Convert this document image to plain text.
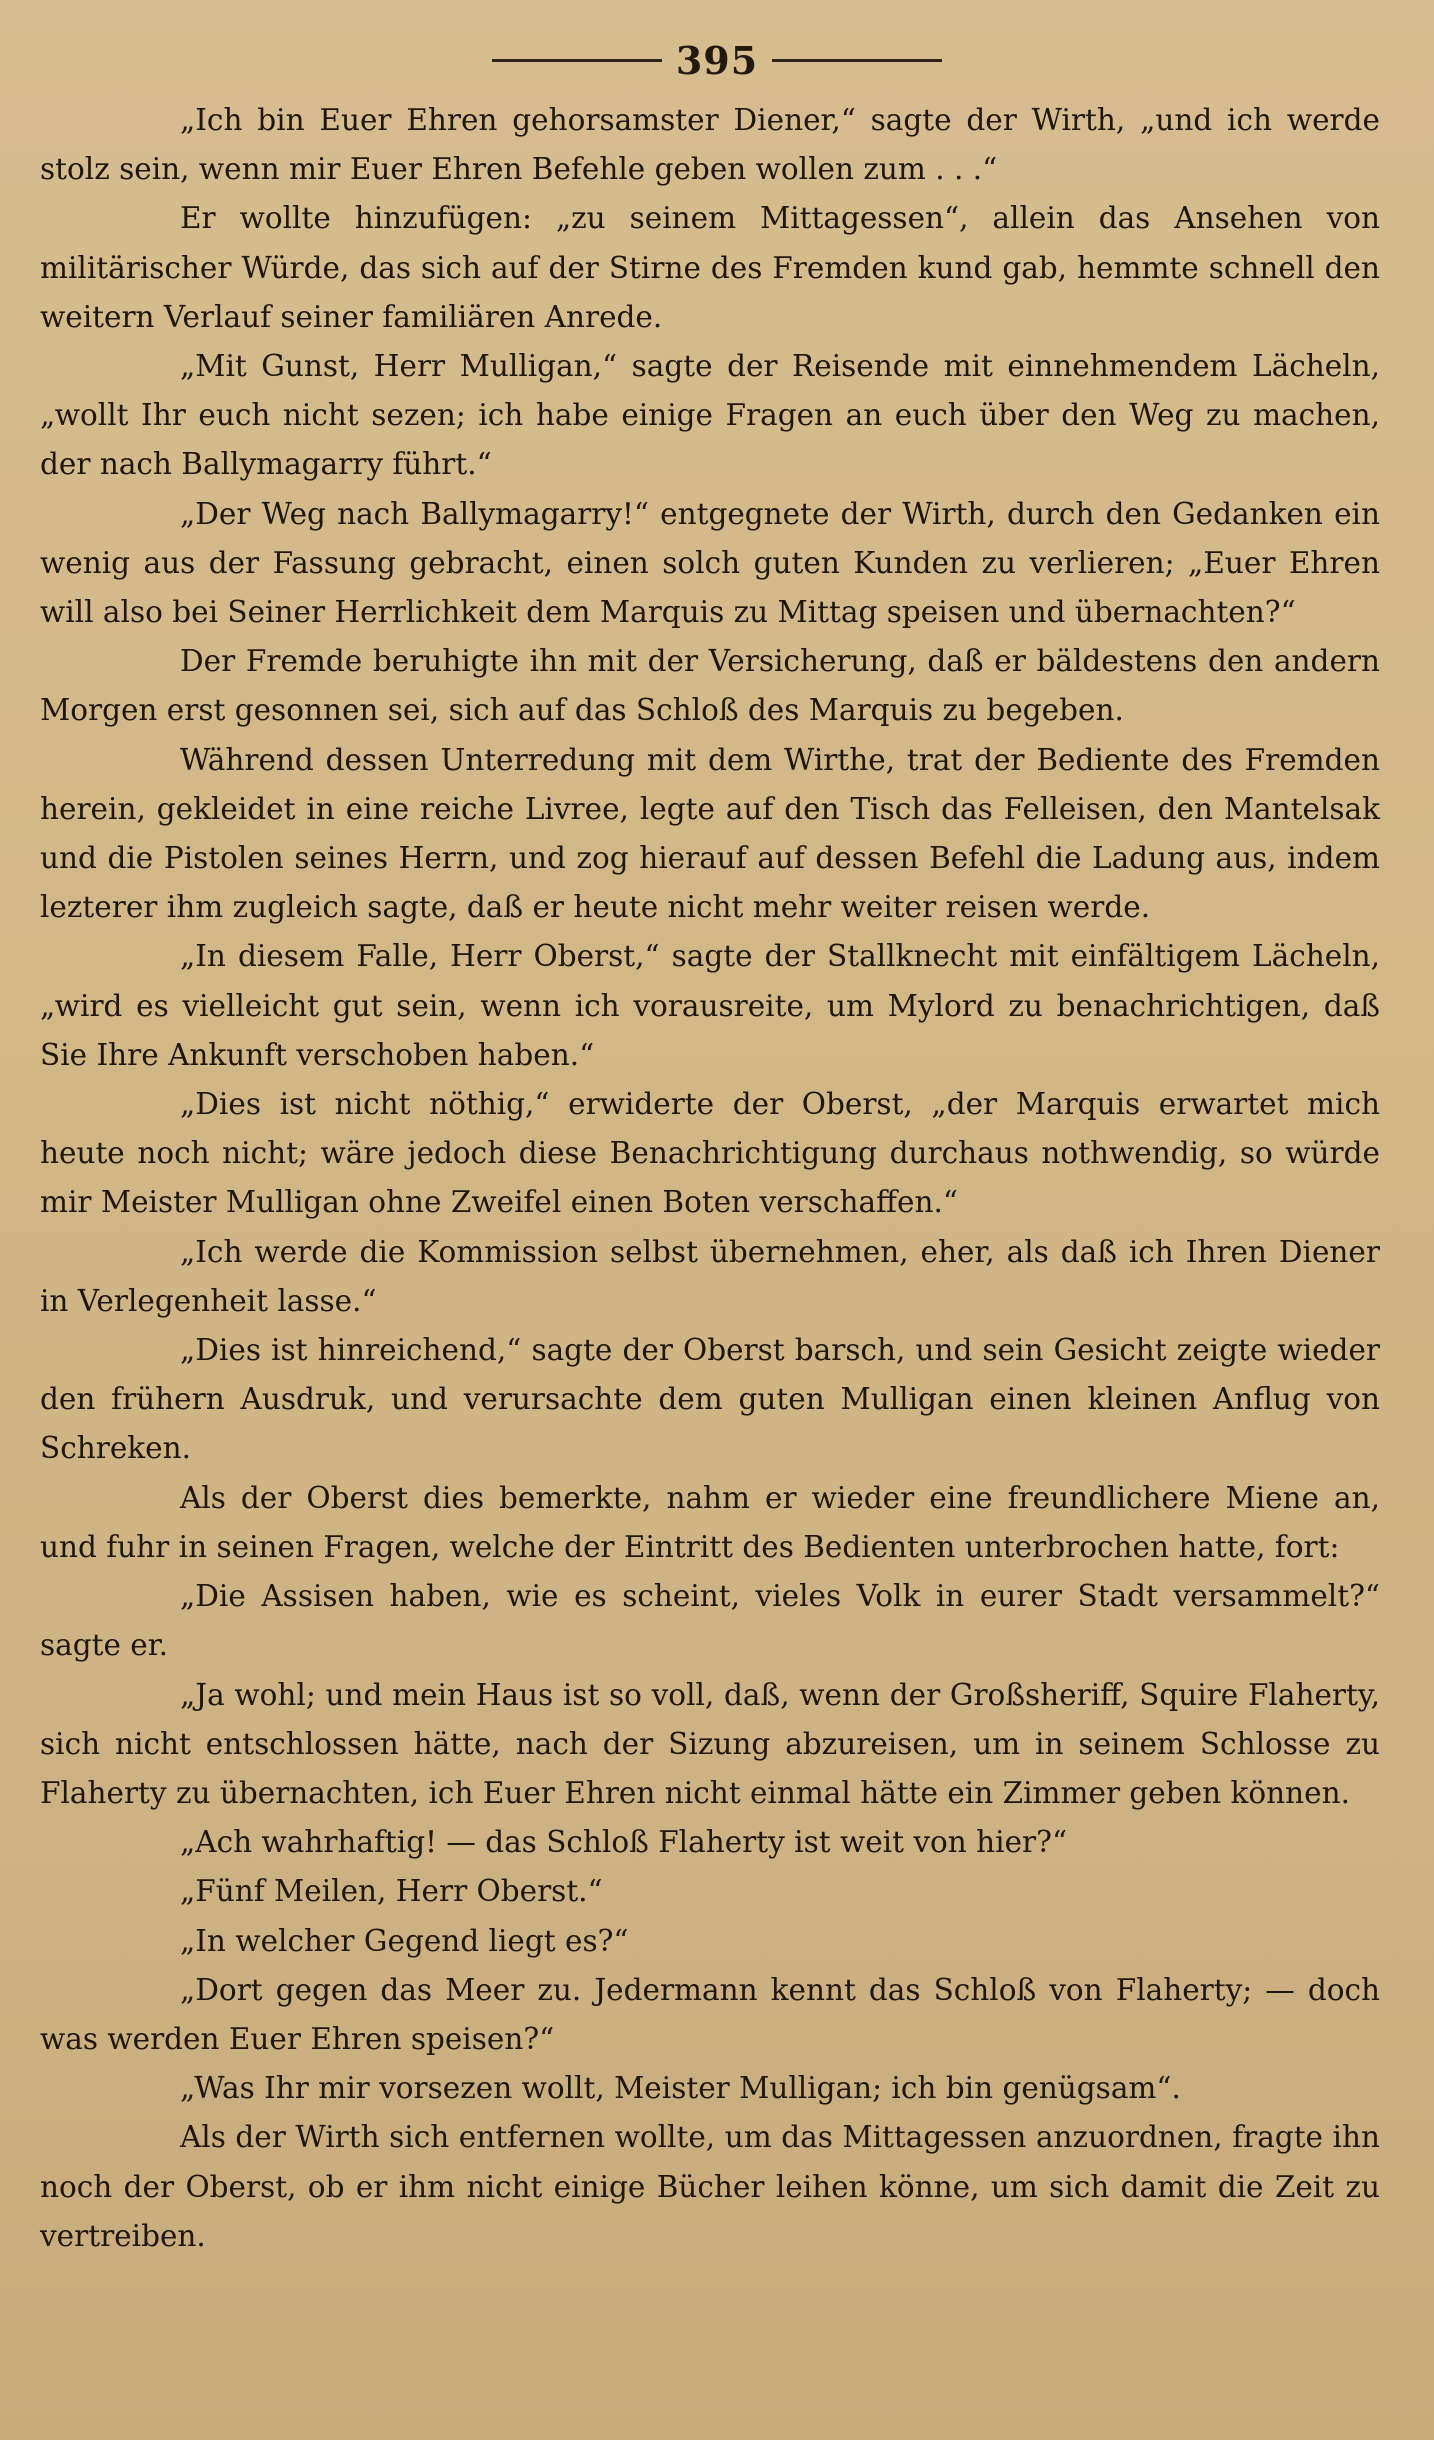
395

„Ich bin Euer Ehren gehorsamster Diener,“ sagte der Wirth, „und ich werde stolz sein, wenn mir Euer Ehren Befehle geben wollen zum . . .“

Er wollte hinzufügen: „zu seinem Mittagessen“, allein das Ansehen von militärischer Würde, das sich auf der Stirne des Fremden kund gab, hemmte schnell den weitern Verlauf seiner familiären Anrede.

„Mit Gunst, Herr Mulligan,“ sagte der Reisende mit einnehmendem Lächeln, „wollt Ihr euch nicht sezen; ich habe einige Fragen an euch über den Weg zu machen, der nach Ballymagarry führt.“

„Der Weg nach Ballymagarry!“ entgegnete der Wirth, durch den Gedanken ein wenig aus der Fassung gebracht, einen solch guten Kunden zu verlieren; „Euer Ehren will also bei Seiner Herrlichkeit dem Marquis zu Mittag speisen und übernachten?“

Der Fremde beruhigte ihn mit der Versicherung, daß er bäldestens den andern Morgen erst gesonnen sei, sich auf das Schloß des Marquis zu begeben.

Während dessen Unterredung mit dem Wirthe, trat der Bediente des Fremden herein, gekleidet in eine reiche Livree, legte auf den Tisch das Felleisen, den Mantelsak und die Pistolen seines Herrn, und zog hierauf auf dessen Befehl die Ladung aus, indem lezterer ihm zugleich sagte, daß er heute nicht mehr weiter reisen werde.

„In diesem Falle, Herr Oberst,“ sagte der Stallknecht mit einfältigem Lächeln, „wird es vielleicht gut sein, wenn ich vorausreite, um Mylord zu benachrichtigen, daß Sie Ihre Ankunft verschoben haben.“

„Dies ist nicht nöthig,“ erwiderte der Oberst, „der Marquis erwartet mich heute noch nicht; wäre jedoch diese Benachrichtigung durchaus nothwendig, so würde mir Meister Mulligan ohne Zweifel einen Boten verschaffen.“

„Ich werde die Kommission selbst übernehmen, eher, als daß ich Ihren Diener in Verlegenheit lasse.“

„Dies ist hinreichend,“ sagte der Oberst barsch, und sein Gesicht zeigte wieder den frühern Ausdruk, und verursachte dem guten Mulligan einen kleinen Anflug von Schreken.

Als der Oberst dies bemerkte, nahm er wieder eine freundlichere Miene an, und fuhr in seinen Fragen, welche der Eintritt des Bedienten unterbrochen hatte, fort:

„Die Assisen haben, wie es scheint, vieles Volk in eurer Stadt versammelt?“ sagte er.

„Ja wohl; und mein Haus ist so voll, daß, wenn der Großsheriff, Squire Flaherty, sich nicht entschlossen hätte, nach der Sizung abzureisen, um in seinem Schlosse zu Flaherty zu übernachten, ich Euer Ehren nicht einmal hätte ein Zimmer geben können.

„Ach wahrhaftig! — das Schloß Flaherty ist weit von hier?“

„Fünf Meilen, Herr Oberst.“

„In welcher Gegend liegt es?“

„Dort gegen das Meer zu. Jedermann kennt das Schloß von Flaherty; — doch was werden Euer Ehren speisen?“

„Was Ihr mir vorsezen wollt, Meister Mulligan; ich bin genügsam“.

Als der Wirth sich entfernen wollte, um das Mittagessen anzuordnen, fragte ihn noch der Oberst, ob er ihm nicht einige Bücher leihen könne, um sich damit die Zeit zu vertreiben.
